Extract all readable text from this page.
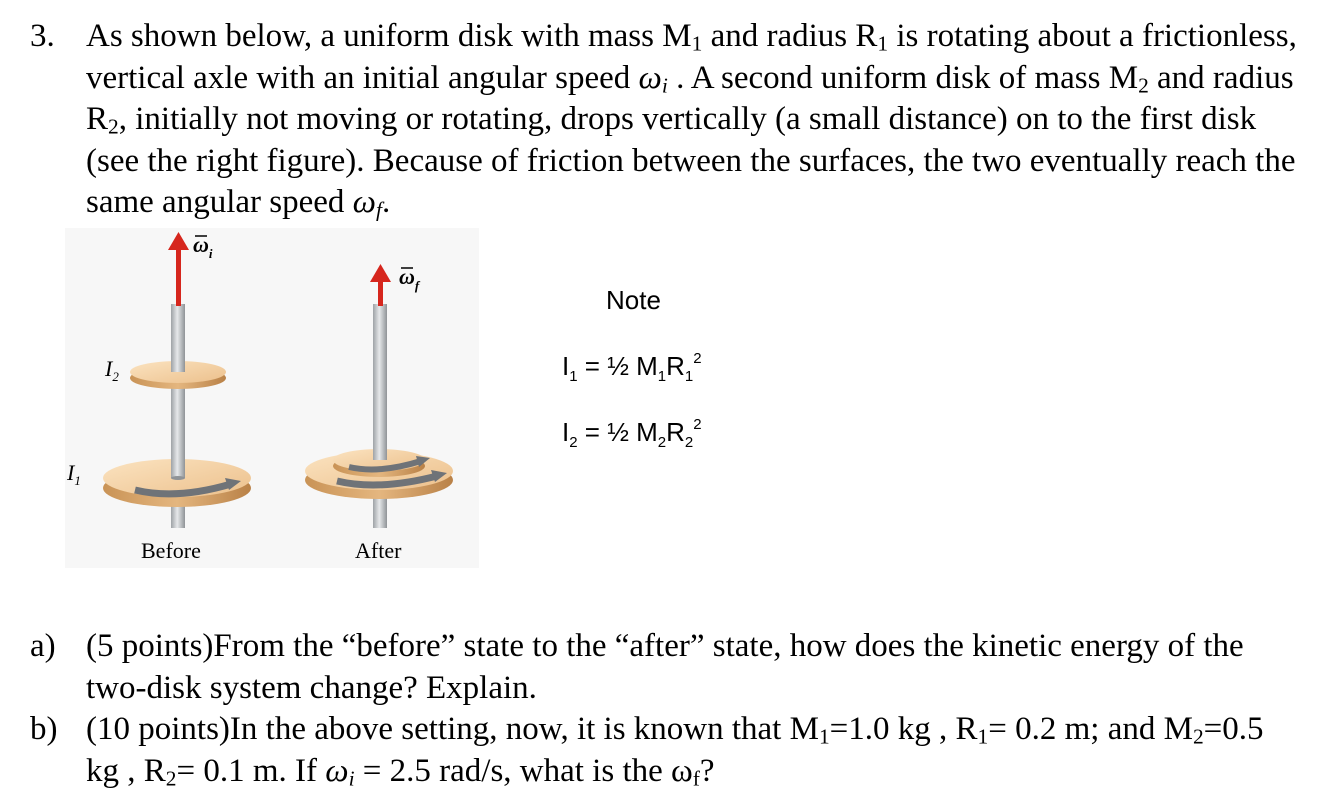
3. As shown below, a uniform disk with mass $M_1$ and radius $R_1$ is rotating about a frictionless, vertical axle with an initial angular speed $\omega_i$ . A second uniform disk of mass $M_2$ and radius $R_2$, initially not moving or rotating, drops vertically (a small distance) on to the first disk (see the right figure). Because of friction between the surfaces, the two eventually reach the same angular speed $\omega_f$.
$\omega_i$
$\omega_f$
$I_2$
$I_1$
Before	After
Note
$I_1$ = ½ $M_1R_1^2$
$I_2$ = ½ $M_2R_2^2$
a) (5 points)From the “before” state to the “after” state, how does the kinetic energy of the two-disk system change? Explain.
b) (10 points)In the above setting, now, it is known that $M_1=1.0$ kg , $R_1= 0.2$ m; and $M_2=0.5$ kg , $R_2= 0.1$ m. If $\omega_i = 2.5$ rad/s, what is the $\omega_f$?
